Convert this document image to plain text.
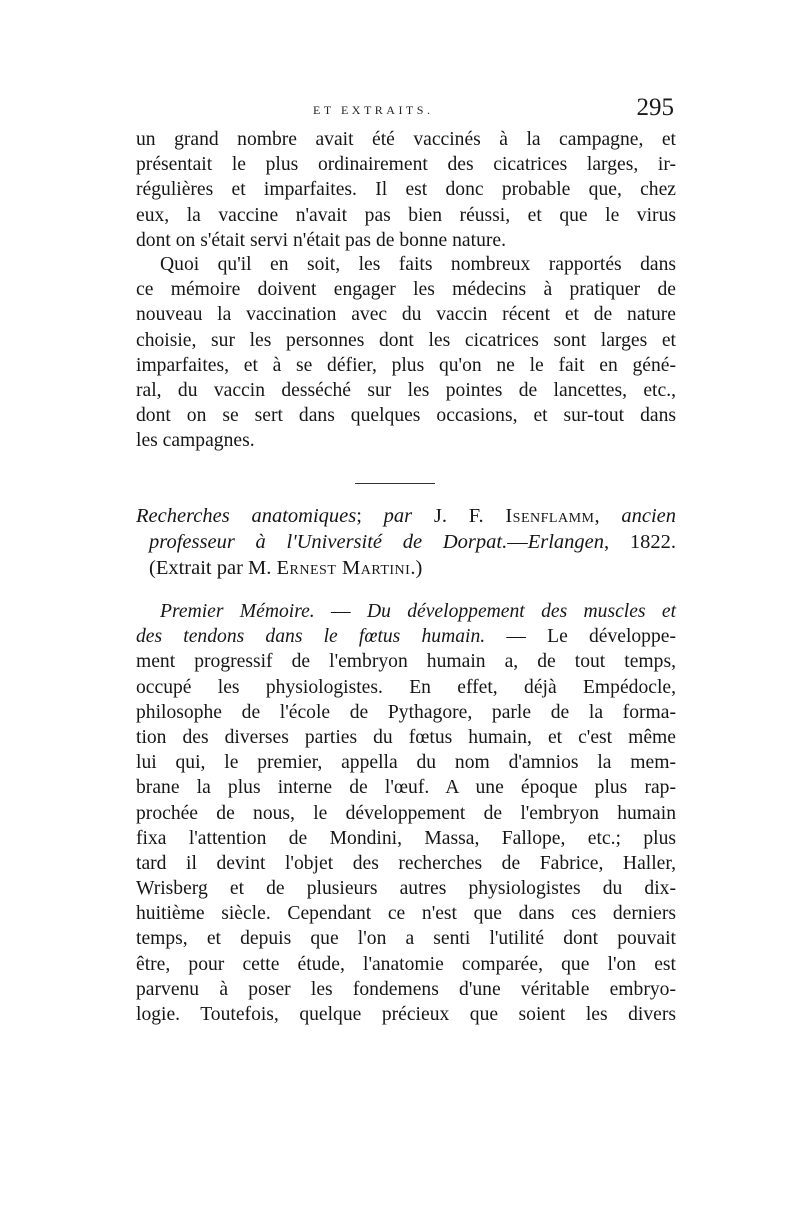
ET EXTRAITS.	295
un grand nombre avait été vaccinés à la campagne, et
présentait le plus ordinairement des cicatrices larges, ir-
régulières et imparfaites. Il est donc probable que, chez
eux, la vaccine n'avait pas bien réussi, et que le virus
dont on s'était servi n'était pas de bonne nature.
Quoi qu'il en soit, les faits nombreux rapportés dans
ce mémoire doivent engager les médecins à pratiquer de
nouveau la vaccination avec du vaccin récent et de nature
choisie, sur les personnes dont les cicatrices sont larges et
imparfaites, et à se défier, plus qu'on ne le fait en géné-
ral, du vaccin desséché sur les pointes de lancettes, etc.,
dont on se sert dans quelques occasions, et sur-tout dans
les campagnes.
Recherches anatomiques; par J. F. Isenflamm, ancien
professeur à l'Université de Dorpat.—Erlangen, 1822.
(Extrait par M. Ernest Martini.)
Premier Mémoire. — Du développement des muscles et
des tendons dans le fœtus humain. — Le développe-
ment progressif de l'embryon humain a, de tout temps,
occupé les physiologistes. En effet, déjà Empédocle,
philosophe de l'école de Pythagore, parle de la forma-
tion des diverses parties du fœtus humain, et c'est même
lui qui, le premier, appella du nom d'amnios la mem-
brane la plus interne de l'œuf. A une époque plus rap-
prochée de nous, le développement de l'embryon humain
fixa l'attention de Mondini, Massa, Fallope, etc.; plus
tard il devint l'objet des recherches de Fabrice, Haller,
Wrisberg et de plusieurs autres physiologistes du dix-
huitième siècle. Cependant ce n'est que dans ces derniers
temps, et depuis que l'on a senti l'utilité dont pouvait
être, pour cette étude, l'anatomie comparée, que l'on est
parvenu à poser les fondemens d'une véritable embryo-
logie. Toutefois, quelque précieux que soient les divers
